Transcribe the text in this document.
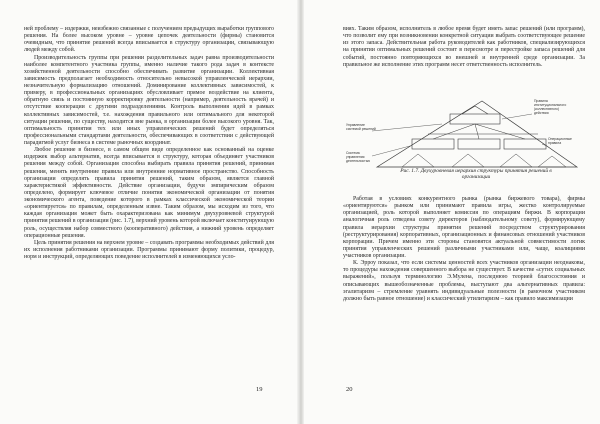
ней проблему – издержки, неизбежно связанные с получением предыдущих выработки группового решения. На более высоком уровне – уровне цепочек деятельности (фирмы) становится очевидным, что принятие решений всегда вписывается в структуру организации, связывающую людей между собой.

Производительность группы при решении разделительных задач равна производительности наиболее компетентного участника группы, именно наличие такого рода задач в контексте хозяйственной деятельности способно обеспечивать развитие организации. Коллективная зависимость предполагает необходимость относительно невысокой управленческой иерархии, незначительную формализацию отношений. Доминирование коллективных зависимостей, к примеру, в профессиональных организациях обусловливает прямое воздействие на клиента, обратную связь и постоянную корректировку деятельности (например, деятельность врачей) и отсутствие кооперации с другими подразделениями. Контроль выполнения идей в рамках коллективных зависимостей, т.е. нахождения правильного или оптимального для некоторой ситуации решения, по существу, находится вне рынка, в организации более высокого уровня. Так, оптимальность принятия тех или иных управленческих решений будет определяться профессиональными стандартами деятельности, обеспечивающих в соответствии с действующей парадигмой услуг бизнеса в системе рыночных координат.

Любое решение в бизнесе, в самом общем виде определенное как основанный на оценке издержек выбор альтернатив, всегда вписывается в структуру, которая объединяет участников решения между собой. Организация способна выбирать правила принятия решений, принимая решения, менять внутренние правила или внутренние нормативное пространство. Способность организации определять правила принятия решений, таким образом, является главной характеристикой эффективности. Действие организации, будучи эмпирическим образом определено, формирует ключевое отличие понятия экономической организации от понятия экономического агента, поведение которого в рамках классической экономической теории «ориентируется» по правилам, определенным извне. Таким образом, мы исходим из того, что каждая организация может быть охарактеризована как минимум двухуровневой структурой принятия решений в организации (рис. 1.7), верхний уровень которой включает конституирующую роль, осуществляя набор совместного (кооперативного) действия, а нижний уровень определяет операционные решения.

Цель принятия решения на верхнем уровне – создавать программы необходимых действий для их исполнения работниками организации. Программы принимают форму политики, процедур, норм и инструкций, определяющих поведение исполнителей в изменяющихся усло-

19

виях. Таким образом, исполнитель в любое время будет иметь запас решений (или программ), что позволит ему при возникновении конкретной ситуации выбрать соответствующее решение из этого запаса. Действительная работа руководителей как работников, специализирующихся на принятии оптимальных решений состоит в пересмотре и перестройке запаса решений для событий, постоянно повторяющихся во внешней и внутренней среде организации. За правильное же исполнение этих программ несет ответственность исполнитель.

Управление системой решений
Система управления деятельностью
Правила институционального (коллективного) действия
Операционные правила
Рис. 1.7. Двухуровневая иерархия структуры принятия решений в организации

Работая в условиях конкурентного рынка (рынка биржевого товара), фирмы «ориентируются» рынком или принимают правила игры, жестко контролируемые организацией, роль которой выполняет комиссия по операциям биржи. В корпорации аналогичная роль отведена совету директоров (наблюдательному совету), формирующему правила иерархии структуры принятия решений посредством структурирования (реструктурирования) корпоративных, организационных и финансовых отношений участников корпорации. Причем именно эти стороны становятся актуальной совместимости логик принятия управленческих решений различными участниками или, чаще, коалициями участников организации.

К. Эрроу показал, что если системы ценностей всех участников организации неоднаковы, то процедуры нахождения совершенного выбора не существует. В качестве «сутих социальных выражений», пользуя терминологию Э.Мулена, последнюю теорией благосостояния и описывающих вышеобозначенные проблемы, выступают два альтернативных правила: эгалитаризм – стремление уравнять индивидуальные полезности (в рамочном участником должно быть равное отношение) и классический утилитаризм – как правило максимизации

20
